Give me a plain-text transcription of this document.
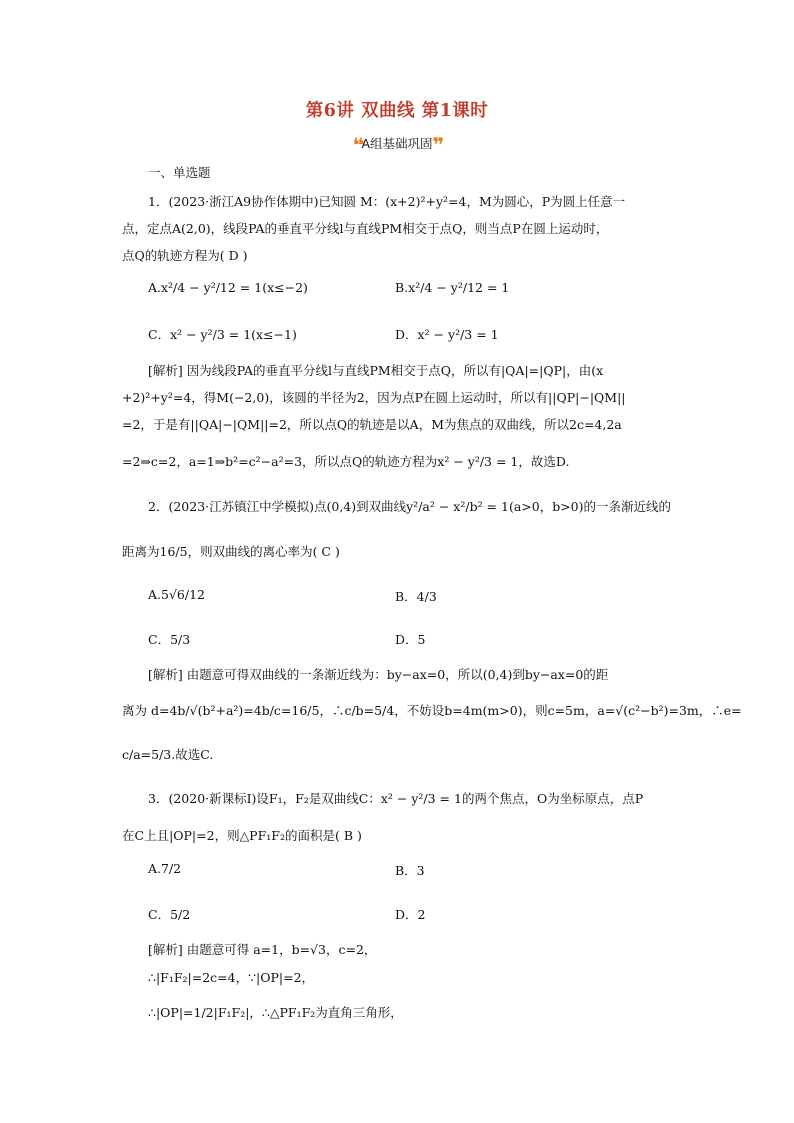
第6讲 双曲线 第1课时
❝A组基础巩固❞
一、单选题
1．(2023·浙江A9协作体期中)已知圆 M：(x+2)²+y²=4，M为圆心，P为圆上任意一
点，定点A(2,0)，线段PA的垂直平分线l与直线PM相交于点Q，则当点P在圆上运动时，
点Q的轨迹方程为( D )
A.x²/4 − y²/12 = 1(x≤−2)	B.x²/4 − y²/12 = 1
C．x² − y²/3 = 1(x≤−1)	D．x² − y²/3 = 1
[解析] 因为线段PA的垂直平分线l与直线PM相交于点Q，所以有|QA|=|QP|，由(x
+2)²+y²=4，得M(−2,0)，该圆的半径为2，因为点P在圆上运动时，所以有||QP|−|QM||
=2，于是有||QA|−|QM||=2，所以点Q的轨迹是以A，M为焦点的双曲线，所以2c=4,2a
=2⇒c=2，a=1⇒b²=c²−a²=3，所以点Q的轨迹方程为x² − y²/3 = 1，故选D.
2．(2023·江苏镇江中学模拟)点(0,4)到双曲线y²/a² − x²/b² = 1(a>0，b>0)的一条渐近线的
距离为16/5，则双曲线的离心率为( C )
A.5√6/12	B．4/3
C．5/3	D．5
[解析] 由题意可得双曲线的一条渐近线为：by−ax=0，所以(0,4)到by−ax=0的距
离为 d=4b/√(b²+a²)=4b/c=16/5，∴c/b=5/4，不妨设b=4m(m>0)，则c=5m，a=√(c²−b²)=3m，∴e=
c/a=5/3.故选C.
3．(2020·新课标Ⅰ)设F₁，F₂是双曲线C：x² − y²/3 = 1的两个焦点，O为坐标原点，点P
在C上且|OP|=2，则△PF₁F₂的面积是( B )
A.7/2	B．3
C．5/2	D．2
[解析] 由题意可得 a=1，b=√3，c=2，
∴|F₁F₂|=2c=4，∵|OP|=2，
∴|OP|=1/2|F₁F₂|，∴△PF₁F₂为直角三角形，
